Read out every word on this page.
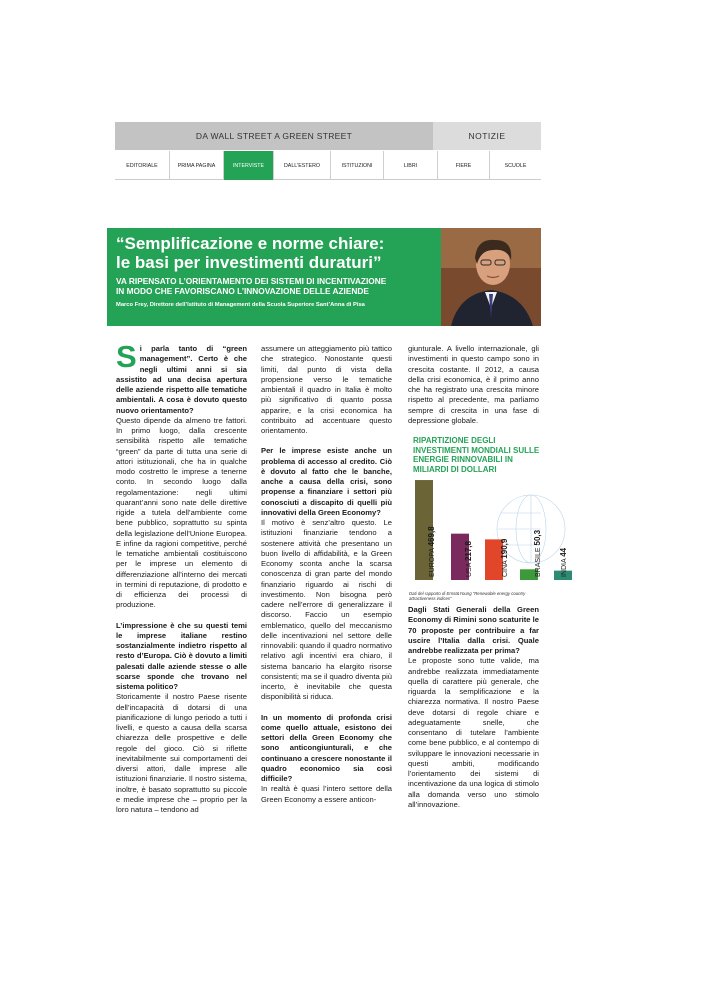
DA WALL STREET A GREEN STREET	NOTIZIE
EDITORIALE	PRIMA PAGINA	INTERVISTE	DALL'ESTERO	ISTITUZIONI	LIBRI	FIERE	SCUOLE
“Semplificazione e norme chiare:
le basi per investimenti duraturi”
VA RIPENSATO L’ORIENTAMENTO DEI SISTEMI DI INCENTIVAZIONE
IN MODO CHE FAVORISCANO L’INNOVAZIONE DELLE AZIENDE
Marco Frey, Direttore dell’Istituto di Management della Scuola Superiore Sant’Anna di Pisa

Si parla tanto di “green management”. Certo è che negli ultimi anni si sia assistito ad una decisa apertura delle aziende rispetto alle tematiche ambientali. A cosa è dovuto questo nuovo orientamento?

Questo dipende da almeno tre fattori. In primo luogo, dalla crescente sensibilità rispetto alle tematiche “green” da parte di tutta una serie di attori istituzionali, che ha in qualche modo costretto le imprese a tenerne conto. In secondo luogo dalla regolamentazione: negli ultimi quarant’anni sono nate delle direttive rigide a tutela dell’ambiente come bene pubblico, soprattutto su spinta della legislazione dell’Unione Europea. E infine da ragioni competitive, perché le tematiche ambientali costituiscono per le imprese un elemento di differenziazione all’interno dei mercati in termini di reputazione, di prodotto e di efficienza dei processi di produzione.

L’impressione è che su questi temi le imprese italiane restino sostanzialmente indietro rispetto al resto d’Europa. Ciò è dovuto a limiti palesati dalle aziende stesse o alle scarse sponde che trovano nel sistema politico?

Storicamente il nostro Paese risente dell’incapacità di dotarsi di una pianificazione di lungo periodo a tutti i livelli, e questo a causa della scarsa chiarezza delle prospettive e delle regole del gioco. Ciò si riflette inevitabilmente sui comportamenti dei diversi attori, dalle imprese alle istituzioni finanziarie. Il nostro sistema, inoltre, è basato soprattutto su piccole e medie imprese che – proprio per la loro natura – tendono ad

assumere un atteggiamento più tattico che strategico. Nonostante questi limiti, dal punto di vista della propensione verso le tematiche ambientali il quadro in Italia è molto più significativo di quanto possa apparire, e la crisi economica ha contribuito ad accentuare questo orientamento.

Per le imprese esiste anche un problema di accesso al credito. Ciò è dovuto al fatto che le banche, anche a causa della crisi, sono propense a finanziare i settori più conosciuti a discapito di quelli più innovativi della Green Economy?

Il motivo è senz’altro questo. Le istituzioni finanziarie tendono a sostenere attività che presentano un buon livello di affidabilità, e la Green Economy sconta anche la scarsa conoscenza di gran parte del mondo finanziario riguardo ai rischi di investimento. Non bisogna però cadere nell’errore di generalizzare il discorso. Faccio un esempio emblematico, quello del meccanismo delle incentivazioni nel settore delle rinnovabili: quando il quadro normativo relativo agli incentivi era chiaro, il sistema bancario ha elargito risorse consistenti; ma se il quadro diventa più incerto, è inevitabile che questa disponibilità si riduca.

In un momento di profonda crisi come quello attuale, esistono dei settori della Green Economy che sono anticongiunturali, e che continuano a crescere nonostante il quadro economico sia così difficile?

In realtà è quasi l’intero settore della Green Economy a essere anticon-

giunturale. A livello internazionale, gli investimenti in questo campo sono in crescita costante. Il 2012, a causa della crisi economica, è il primo anno che ha registrato una crescita minore rispetto al precedente, ma parliamo sempre di crescita in una fase di depressione globale.

Dagli Stati Generali della Green Economy di Rimini sono scaturite le 70 proposte per contribuire a far uscire l’Italia dalla crisi. Quale andrebbe realizzata per prima?

Le proposte sono tutte valide, ma andrebbe realizzata immediatamente quella di carattere più generale, che riguarda la semplificazione e la chiarezza normativa. Il nostro Paese deve dotarsi di regole chiare e adeguatamente snelle, che consentano di tutelare l’ambiente come bene pubblico, e al contempo di sviluppare le innovazioni necessarie in questi ambiti, modificando l’orientamento dei sistemi di incentivazione da una logica di stimolo alla domanda verso uno stimolo all’innovazione.

RIPARTIZIONE DEGLI INVESTIMENTI MONDIALI SULLE ENERGIE RINNOVABILI IN MILIARDI DI DOLLARI
EUROPA 469,8
USA 217,8
CINA 190,9	BRASILE 50,3
INDIA 44
Dati del rapporto di Ernst&Young “Renewable energy country attractiveness indices”
